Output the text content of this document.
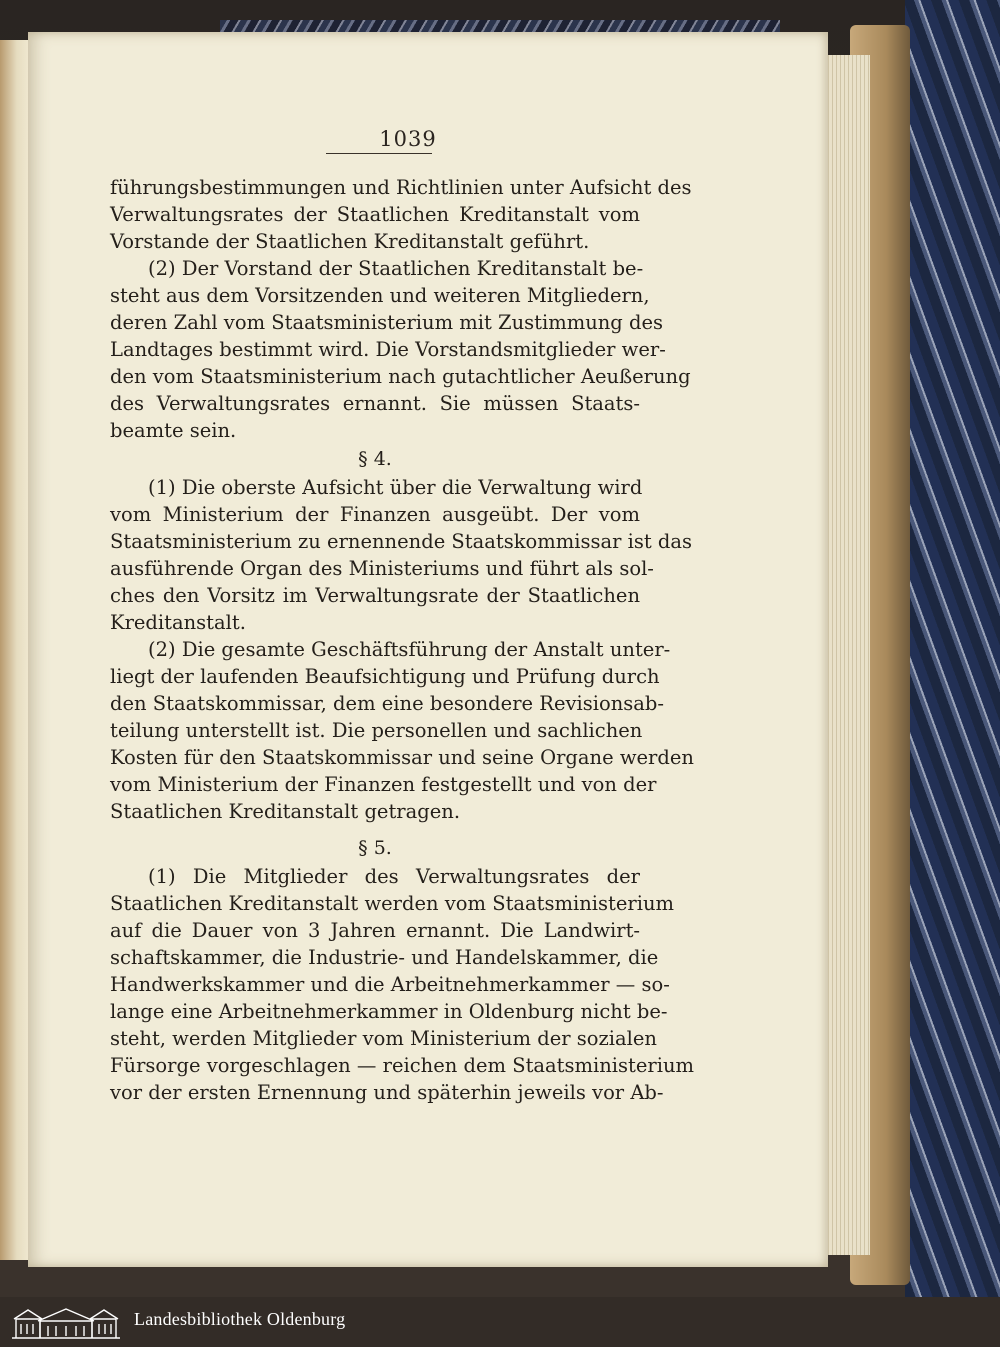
1039
führungsbestimmungen und Richtlinien unter Aufsicht des
Verwaltungsrates der Staatlichen Kreditanstalt vom
Vorstande der Staatlichen Kreditanstalt geführt.
(2) Der Vorstand der Staatlichen Kreditanstalt be-
steht aus dem Vorsitzenden und weiteren Mitgliedern,
deren Zahl vom Staatsministerium mit Zustimmung des
Landtages bestimmt wird. Die Vorstandsmitglieder wer-
den vom Staatsministerium nach gutachtlicher Aeußerung
des Verwaltungsrates ernannt. Sie müssen Staats-
beamte sein.
§ 4.
(1) Die oberste Aufsicht über die Verwaltung wird
vom Ministerium der Finanzen ausgeübt. Der vom
Staatsministerium zu ernennende Staatskommissar ist das
ausführende Organ des Ministeriums und führt als sol-
ches den Vorsitz im Verwaltungsrate der Staatlichen
Kreditanstalt.
(2) Die gesamte Geschäftsführung der Anstalt unter-
liegt der laufenden Beaufsichtigung und Prüfung durch
den Staatskommissar, dem eine besondere Revisionsab-
teilung unterstellt ist. Die personellen und sachlichen
Kosten für den Staatskommissar und seine Organe werden
vom Ministerium der Finanzen festgestellt und von der
Staatlichen Kreditanstalt getragen.
§ 5.
(1) Die Mitglieder des Verwaltungsrates der
Staatlichen Kreditanstalt werden vom Staatsministerium
auf die Dauer von 3 Jahren ernannt. Die Landwirt-
schaftskammer, die Industrie- und Handelskammer, die
Handwerkskammer und die Arbeitnehmerkammer — so-
lange eine Arbeitnehmerkammer in Oldenburg nicht be-
steht, werden Mitglieder vom Ministerium der sozialen
Fürsorge vorgeschlagen — reichen dem Staatsministerium
vor der ersten Ernennung und späterhin jeweils vor Ab-
Landesbibliothek Oldenburg
